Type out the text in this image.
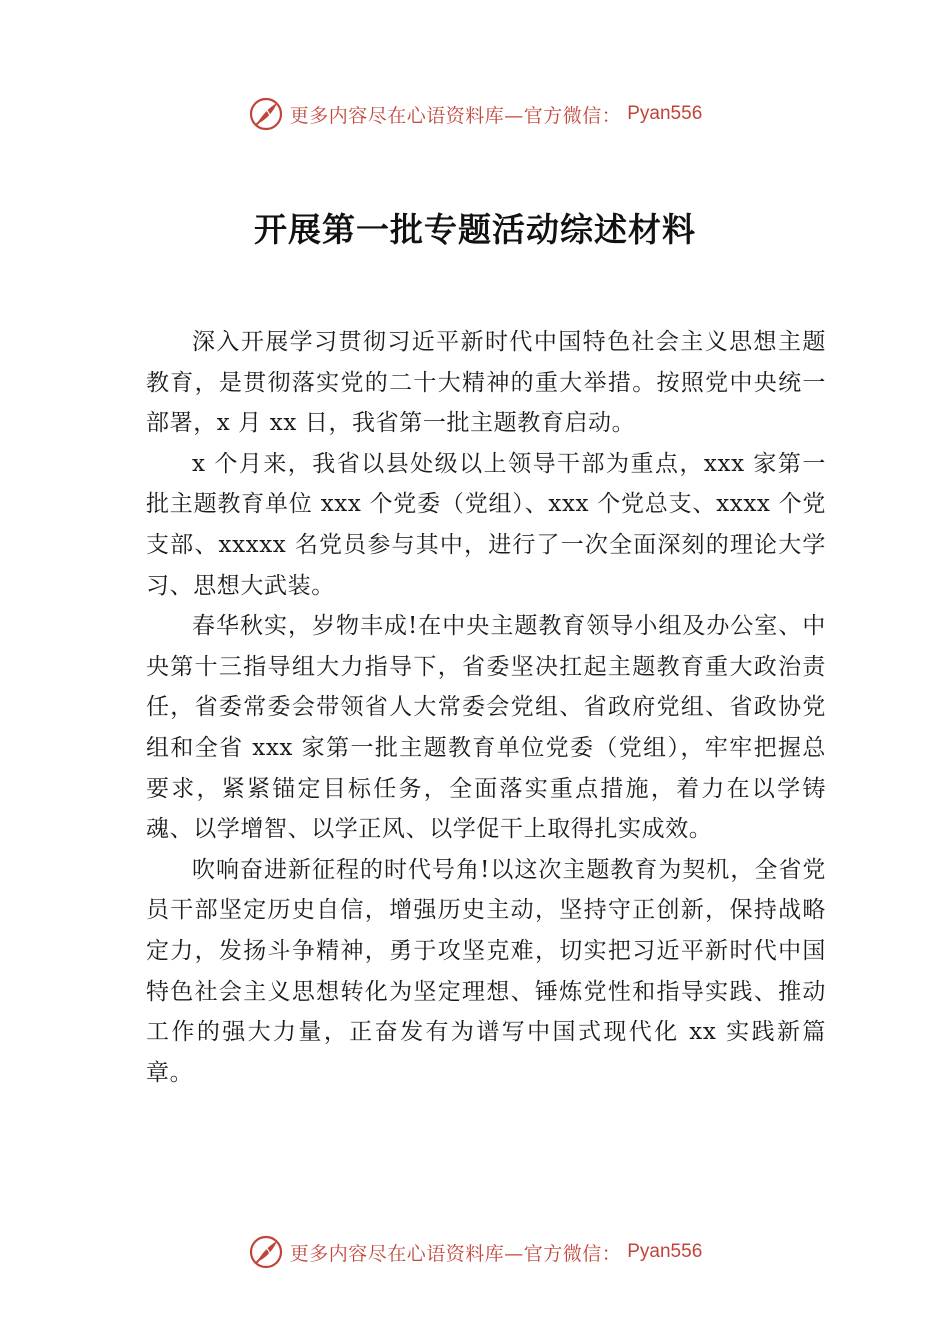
更多内容尽在心语资料库—官方微信： Pyan556
开展第一批专题活动综述材料

深入开展学习贯彻习近平新时代中国特色社会主义思想主题教育，是贯彻落实党的二十大精神的重大举措。按照党中央统一部署，x 月 xx 日，我省第一批主题教育启动。

x 个月来，我省以县处级以上领导干部为重点，xxx 家第一批主题教育单位 xxx 个党委（党组）、xxx 个党总支、xxxx 个党支部、xxxxx 名党员参与其中，进行了一次全面深刻的理论大学习、思想大武装。

春华秋实，岁物丰成!在中央主题教育领导小组及办公室、中央第十三指导组大力指导下，省委坚决扛起主题教育重大政治责任，省委常委会带领省人大常委会党组、省政府党组、省政协党组和全省 xxx 家第一批主题教育单位党委（党组），牢牢把握总要求，紧紧锚定目标任务，全面落实重点措施，着力在以学铸魂、以学增智、以学正风、以学促干上取得扎实成效。

吹响奋进新征程的时代号角!以这次主题教育为契机，全省党员干部坚定历史自信，增强历史主动，坚持守正创新，保持战略定力，发扬斗争精神，勇于攻坚克难，切实把习近平新时代中国特色社会主义思想转化为坚定理想、锤炼党性和指导实践、推动工作的强大力量，正奋发有为谱写中国式现代化 xx 实践新篇章。

更多内容尽在心语资料库—官方微信： Pyan556
